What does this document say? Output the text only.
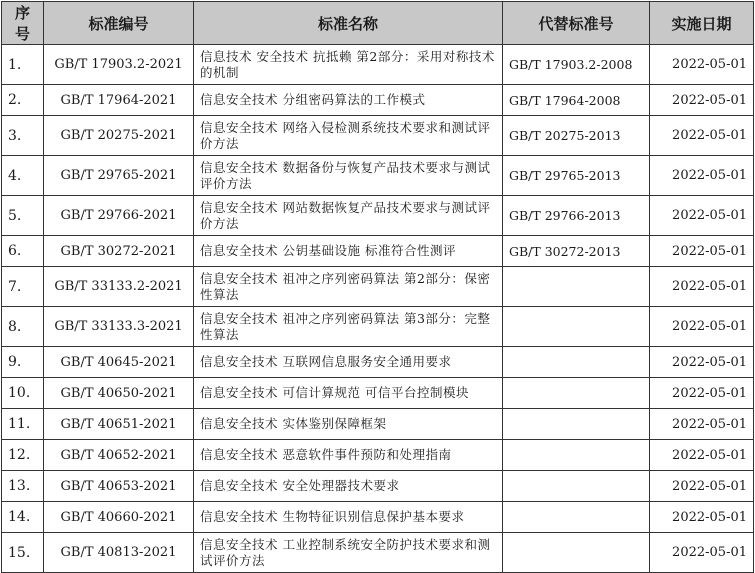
序号	标准编号	标准名称	代替标准号	实施日期
1.	GB/T 17903.2-2021	信息技术 安全技术 抗抵赖 第2部分：采用对称技术的机制	GB/T 17903.2-2008	2022-05-01
2.	GB/T 17964-2021	信息安全技术 分组密码算法的工作模式	GB/T 17964-2008	2022-05-01
3.	GB/T 20275-2021	信息安全技术 网络入侵检测系统技术要求和测试评价方法	GB/T 20275-2013	2022-05-01
4.	GB/T 29765-2021	信息安全技术 数据备份与恢复产品技术要求与测试评价方法	GB/T 29765-2013	2022-05-01
5.	GB/T 29766-2021	信息安全技术 网站数据恢复产品技术要求与测试评价方法	GB/T 29766-2013	2022-05-01
6.	GB/T 30272-2021	信息安全技术 公钥基础设施 标准符合性测评	GB/T 30272-2013	2022-05-01
7.	GB/T 33133.2-2021	信息安全技术 祖冲之序列密码算法 第2部分：保密性算法		2022-05-01
8.	GB/T 33133.3-2021	信息安全技术 祖冲之序列密码算法 第3部分：完整性算法		2022-05-01
9.	GB/T 40645-2021	信息安全技术 互联网信息服务安全通用要求		2022-05-01
10.	GB/T 40650-2021	信息安全技术 可信计算规范 可信平台控制模块		2022-05-01
11.	GB/T 40651-2021	信息安全技术 实体鉴别保障框架		2022-05-01
12.	GB/T 40652-2021	信息安全技术 恶意软件事件预防和处理指南		2022-05-01
13.	GB/T 40653-2021	信息安全技术 安全处理器技术要求		2022-05-01
14.	GB/T 40660-2021	信息安全技术 生物特征识别信息保护基本要求		2022-05-01
15.	GB/T 40813-2021	信息安全技术 工业控制系统安全防护技术要求和测试评价方法		2022-05-01
